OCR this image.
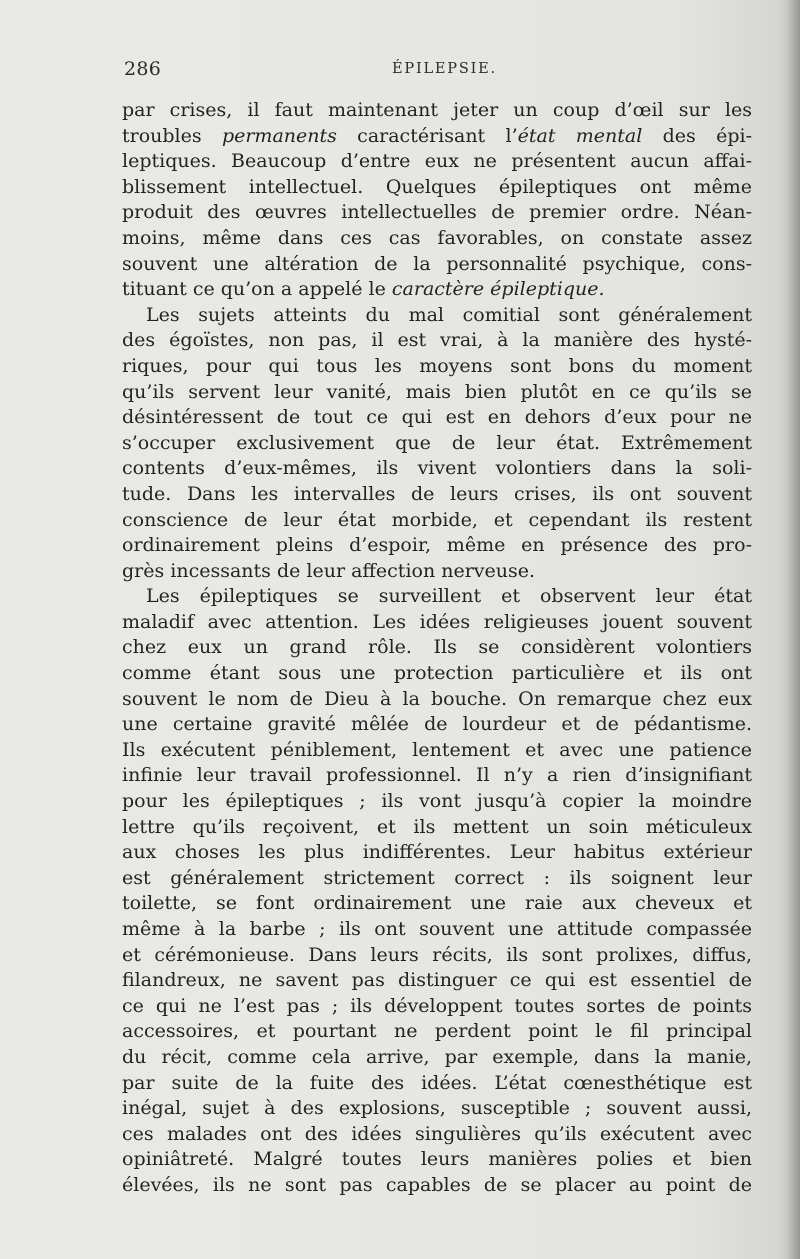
286	ÉPILEPSIE.
par crises, il faut maintenant jeter un coup d’œil sur les
troubles permanents caractérisant l’état mental des épi-
leptiques. Beaucoup d’entre eux ne présentent aucun affai-
blissement intellectuel. Quelques épileptiques ont même
produit des œuvres intellectuelles de premier ordre. Néan-
moins, même dans ces cas favorables, on constate assez
souvent une altération de la personnalité psychique, cons-
tituant ce qu’on a appelé le caractère épileptique.
Les sujets atteints du mal comitial sont généralement
des égoïstes, non pas, il est vrai, à la manière des hysté-
riques, pour qui tous les moyens sont bons du moment
qu’ils servent leur vanité, mais bien plutôt en ce qu’ils se
désintéressent de tout ce qui est en dehors d’eux pour ne
s’occuper exclusivement que de leur état. Extrêmement
contents d’eux-mêmes, ils vivent volontiers dans la soli-
tude. Dans les intervalles de leurs crises, ils ont souvent
conscience de leur état morbide, et cependant ils restent
ordinairement pleins d’espoir, même en présence des pro-
grès incessants de leur affection nerveuse.
Les épileptiques se surveillent et observent leur état
maladif avec attention. Les idées religieuses jouent souvent
chez eux un grand rôle. Ils se considèrent volontiers
comme étant sous une protection particulière et ils ont
souvent le nom de Dieu à la bouche. On remarque chez eux
une certaine gravité mêlée de lourdeur et de pédantisme.
Ils exécutent péniblement, lentement et avec une patience
infinie leur travail professionnel. Il n’y a rien d’insignifiant
pour les épileptiques ; ils vont jusqu’à copier la moindre
lettre qu’ils reçoivent, et ils mettent un soin méticuleux
aux choses les plus indifférentes. Leur habitus extérieur
est généralement strictement correct : ils soignent leur
toilette, se font ordinairement une raie aux cheveux et
même à la barbe ; ils ont souvent une attitude compassée
et cérémonieuse. Dans leurs récits, ils sont prolixes, diffus,
filandreux, ne savent pas distinguer ce qui est essentiel de
ce qui ne l’est pas ; ils développent toutes sortes de points
accessoires, et pourtant ne perdent point le fil principal
du récit, comme cela arrive, par exemple, dans la manie,
par suite de la fuite des idées. L’état cœnesthétique est
inégal, sujet à des explosions, susceptible ; souvent aussi,
ces malades ont des idées singulières qu’ils exécutent avec
opiniâtreté. Malgré toutes leurs manières polies et bien
élevées, ils ne sont pas capables de se placer au point de
